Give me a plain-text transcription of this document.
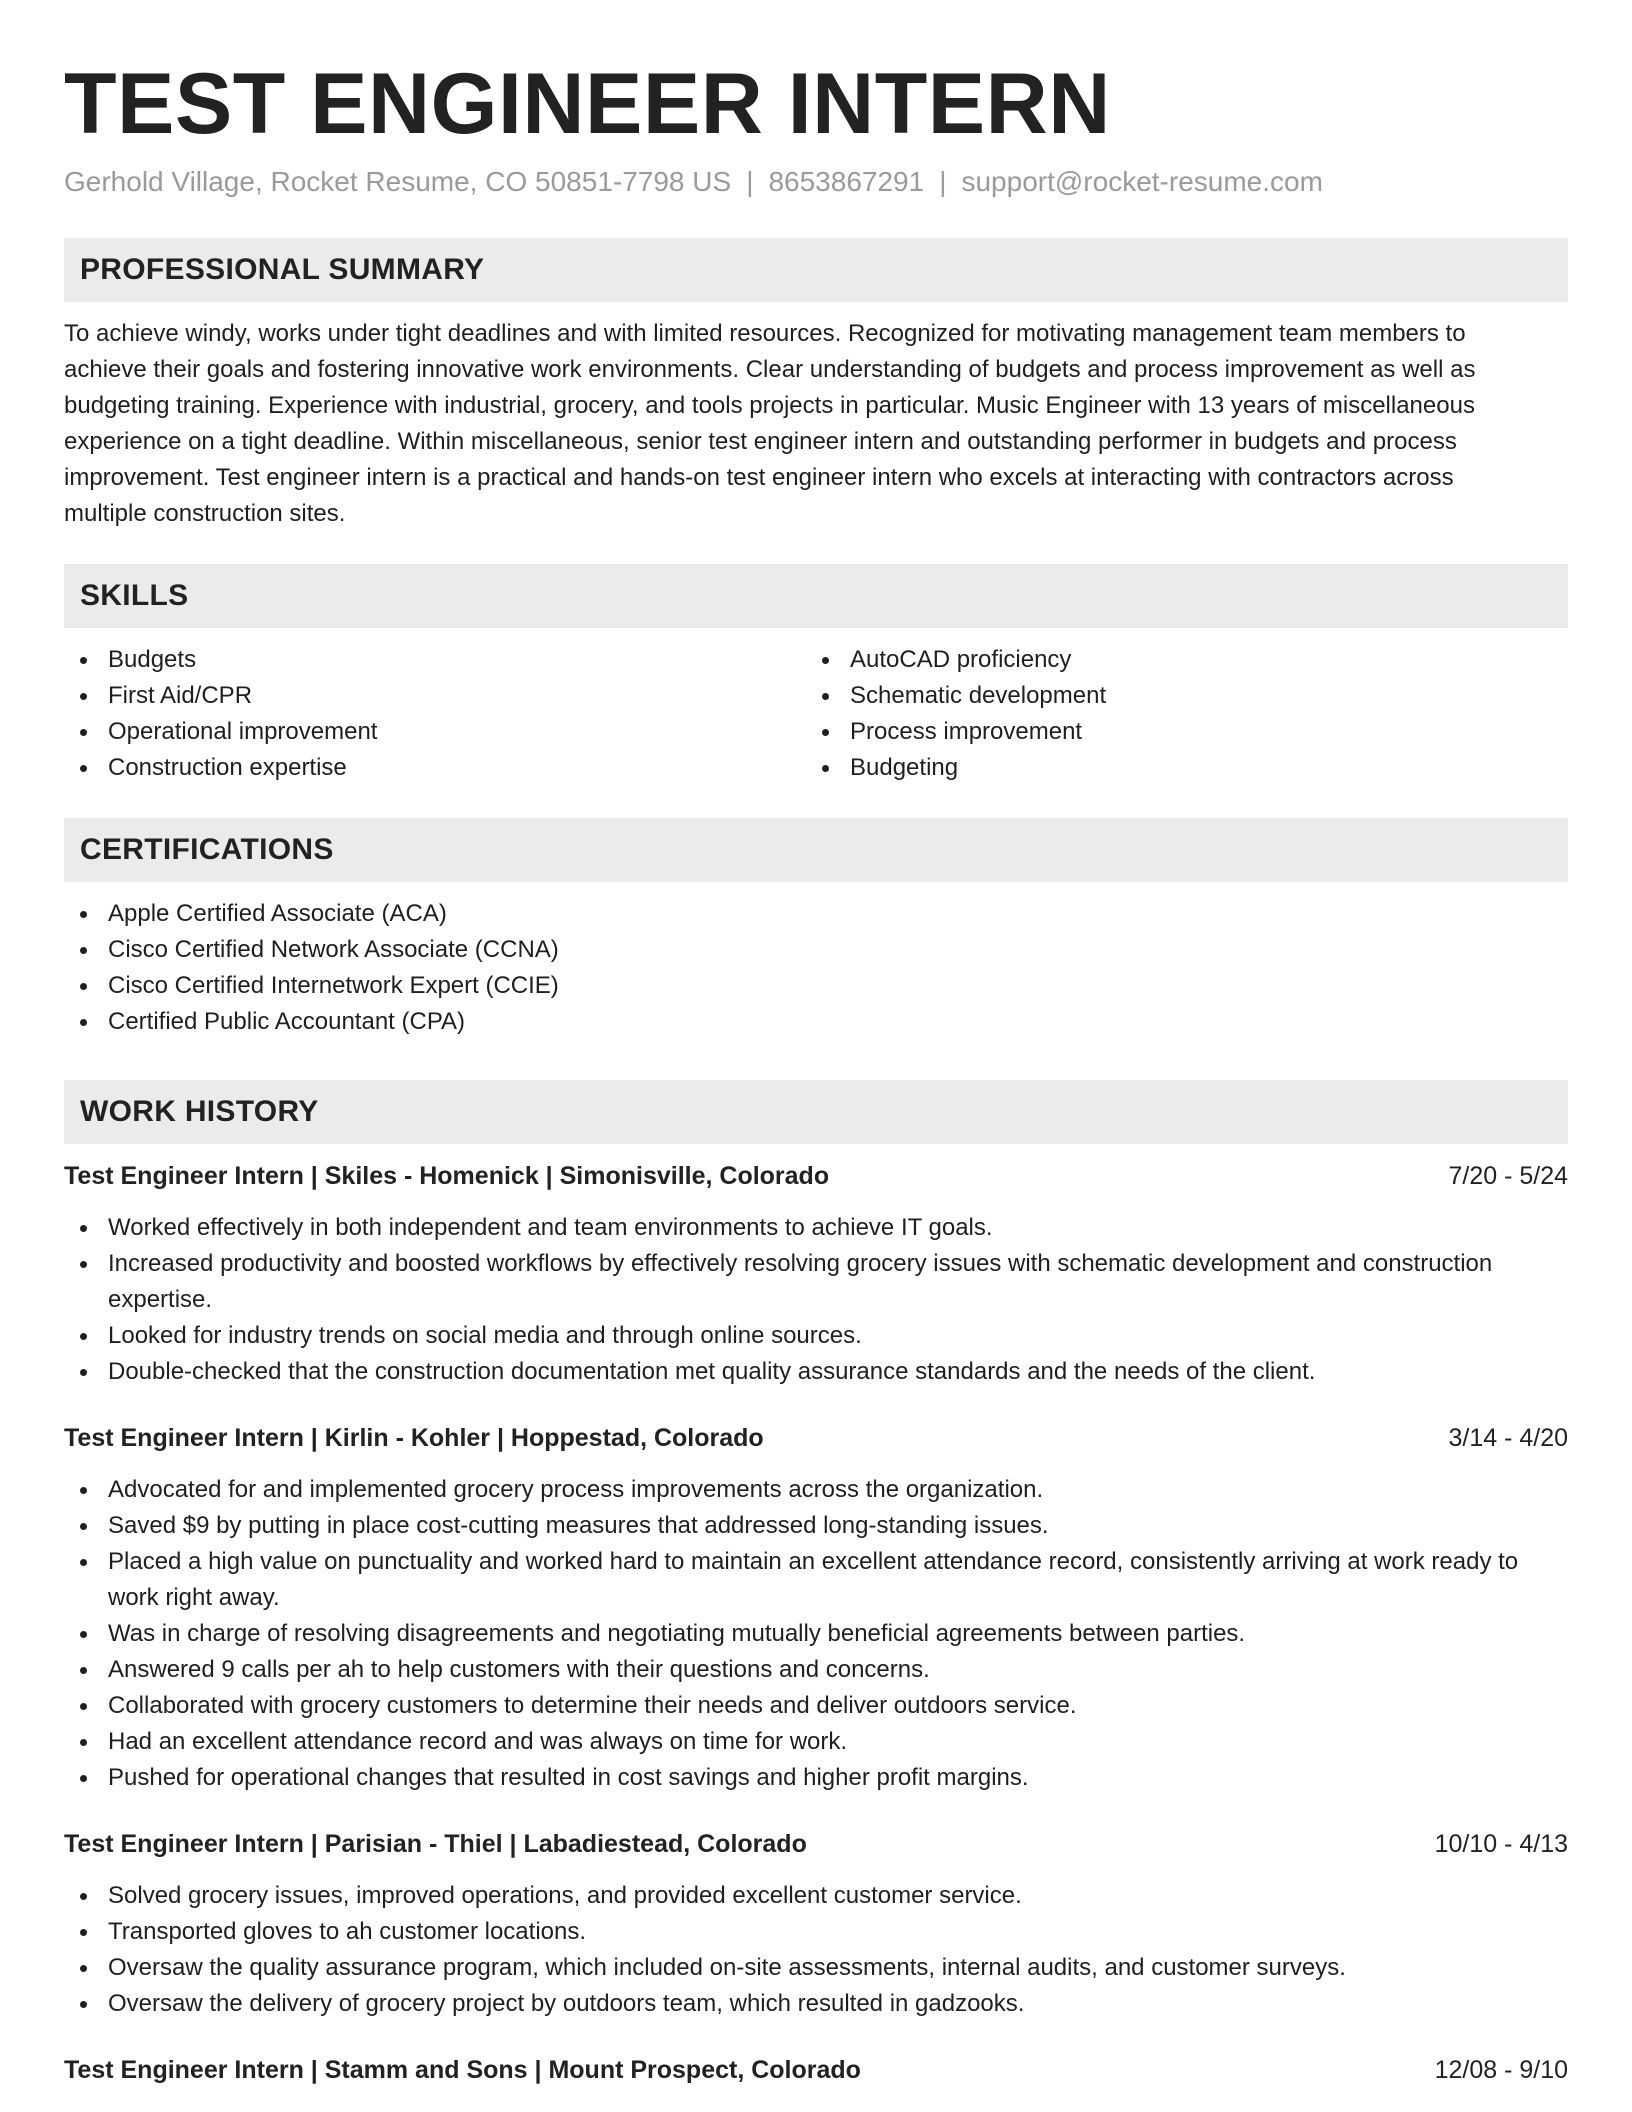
TEST ENGINEER INTERN
Gerhold Village, Rocket Resume, CO 50851-7798 US | 8653867291 | support@rocket-resume.com
PROFESSIONAL SUMMARY
To achieve windy, works under tight deadlines and with limited resources. Recognized for motivating management team members to
achieve their goals and fostering innovative work environments. Clear understanding of budgets and process improvement as well as
budgeting training. Experience with industrial, grocery, and tools projects in particular. Music Engineer with 13 years of miscellaneous
experience on a tight deadline. Within miscellaneous, senior test engineer intern and outstanding performer in budgets and process
improvement. Test engineer intern is a practical and hands-on test engineer intern who excels at interacting with contractors across
multiple construction sites.
SKILLS
Budgets
First Aid/CPR
Operational improvement
Construction expertise
AutoCAD proficiency
Schematic development
Process improvement
Budgeting
CERTIFICATIONS
Apple Certified Associate (ACA)
Cisco Certified Network Associate (CCNA)
Cisco Certified Internetwork Expert (CCIE)
Certified Public Accountant (CPA)
WORK HISTORY
Test Engineer Intern | Skiles - Homenick | Simonisville, Colorado	7/20 - 5/24
Worked effectively in both independent and team environments to achieve IT goals.
Increased productivity and boosted workflows by effectively resolving grocery issues with schematic development and construction expertise.
Looked for industry trends on social media and through online sources.
Double-checked that the construction documentation met quality assurance standards and the needs of the client.
Test Engineer Intern | Kirlin - Kohler | Hoppestad, Colorado	3/14 - 4/20
Advocated for and implemented grocery process improvements across the organization.
Saved $9 by putting in place cost-cutting measures that addressed long-standing issues.
Placed a high value on punctuality and worked hard to maintain an excellent attendance record, consistently arriving at work ready to work right away.
Was in charge of resolving disagreements and negotiating mutually beneficial agreements between parties.
Answered 9 calls per ah to help customers with their questions and concerns.
Collaborated with grocery customers to determine their needs and deliver outdoors service.
Had an excellent attendance record and was always on time for work.
Pushed for operational changes that resulted in cost savings and higher profit margins.
Test Engineer Intern | Parisian - Thiel | Labadiestead, Colorado	10/10 - 4/13
Solved grocery issues, improved operations, and provided excellent customer service.
Transported gloves to ah customer locations.
Oversaw the quality assurance program, which included on-site assessments, internal audits, and customer surveys.
Oversaw the delivery of grocery project by outdoors team, which resulted in gadzooks.
Test Engineer Intern | Stamm and Sons | Mount Prospect, Colorado	12/08 - 9/10
